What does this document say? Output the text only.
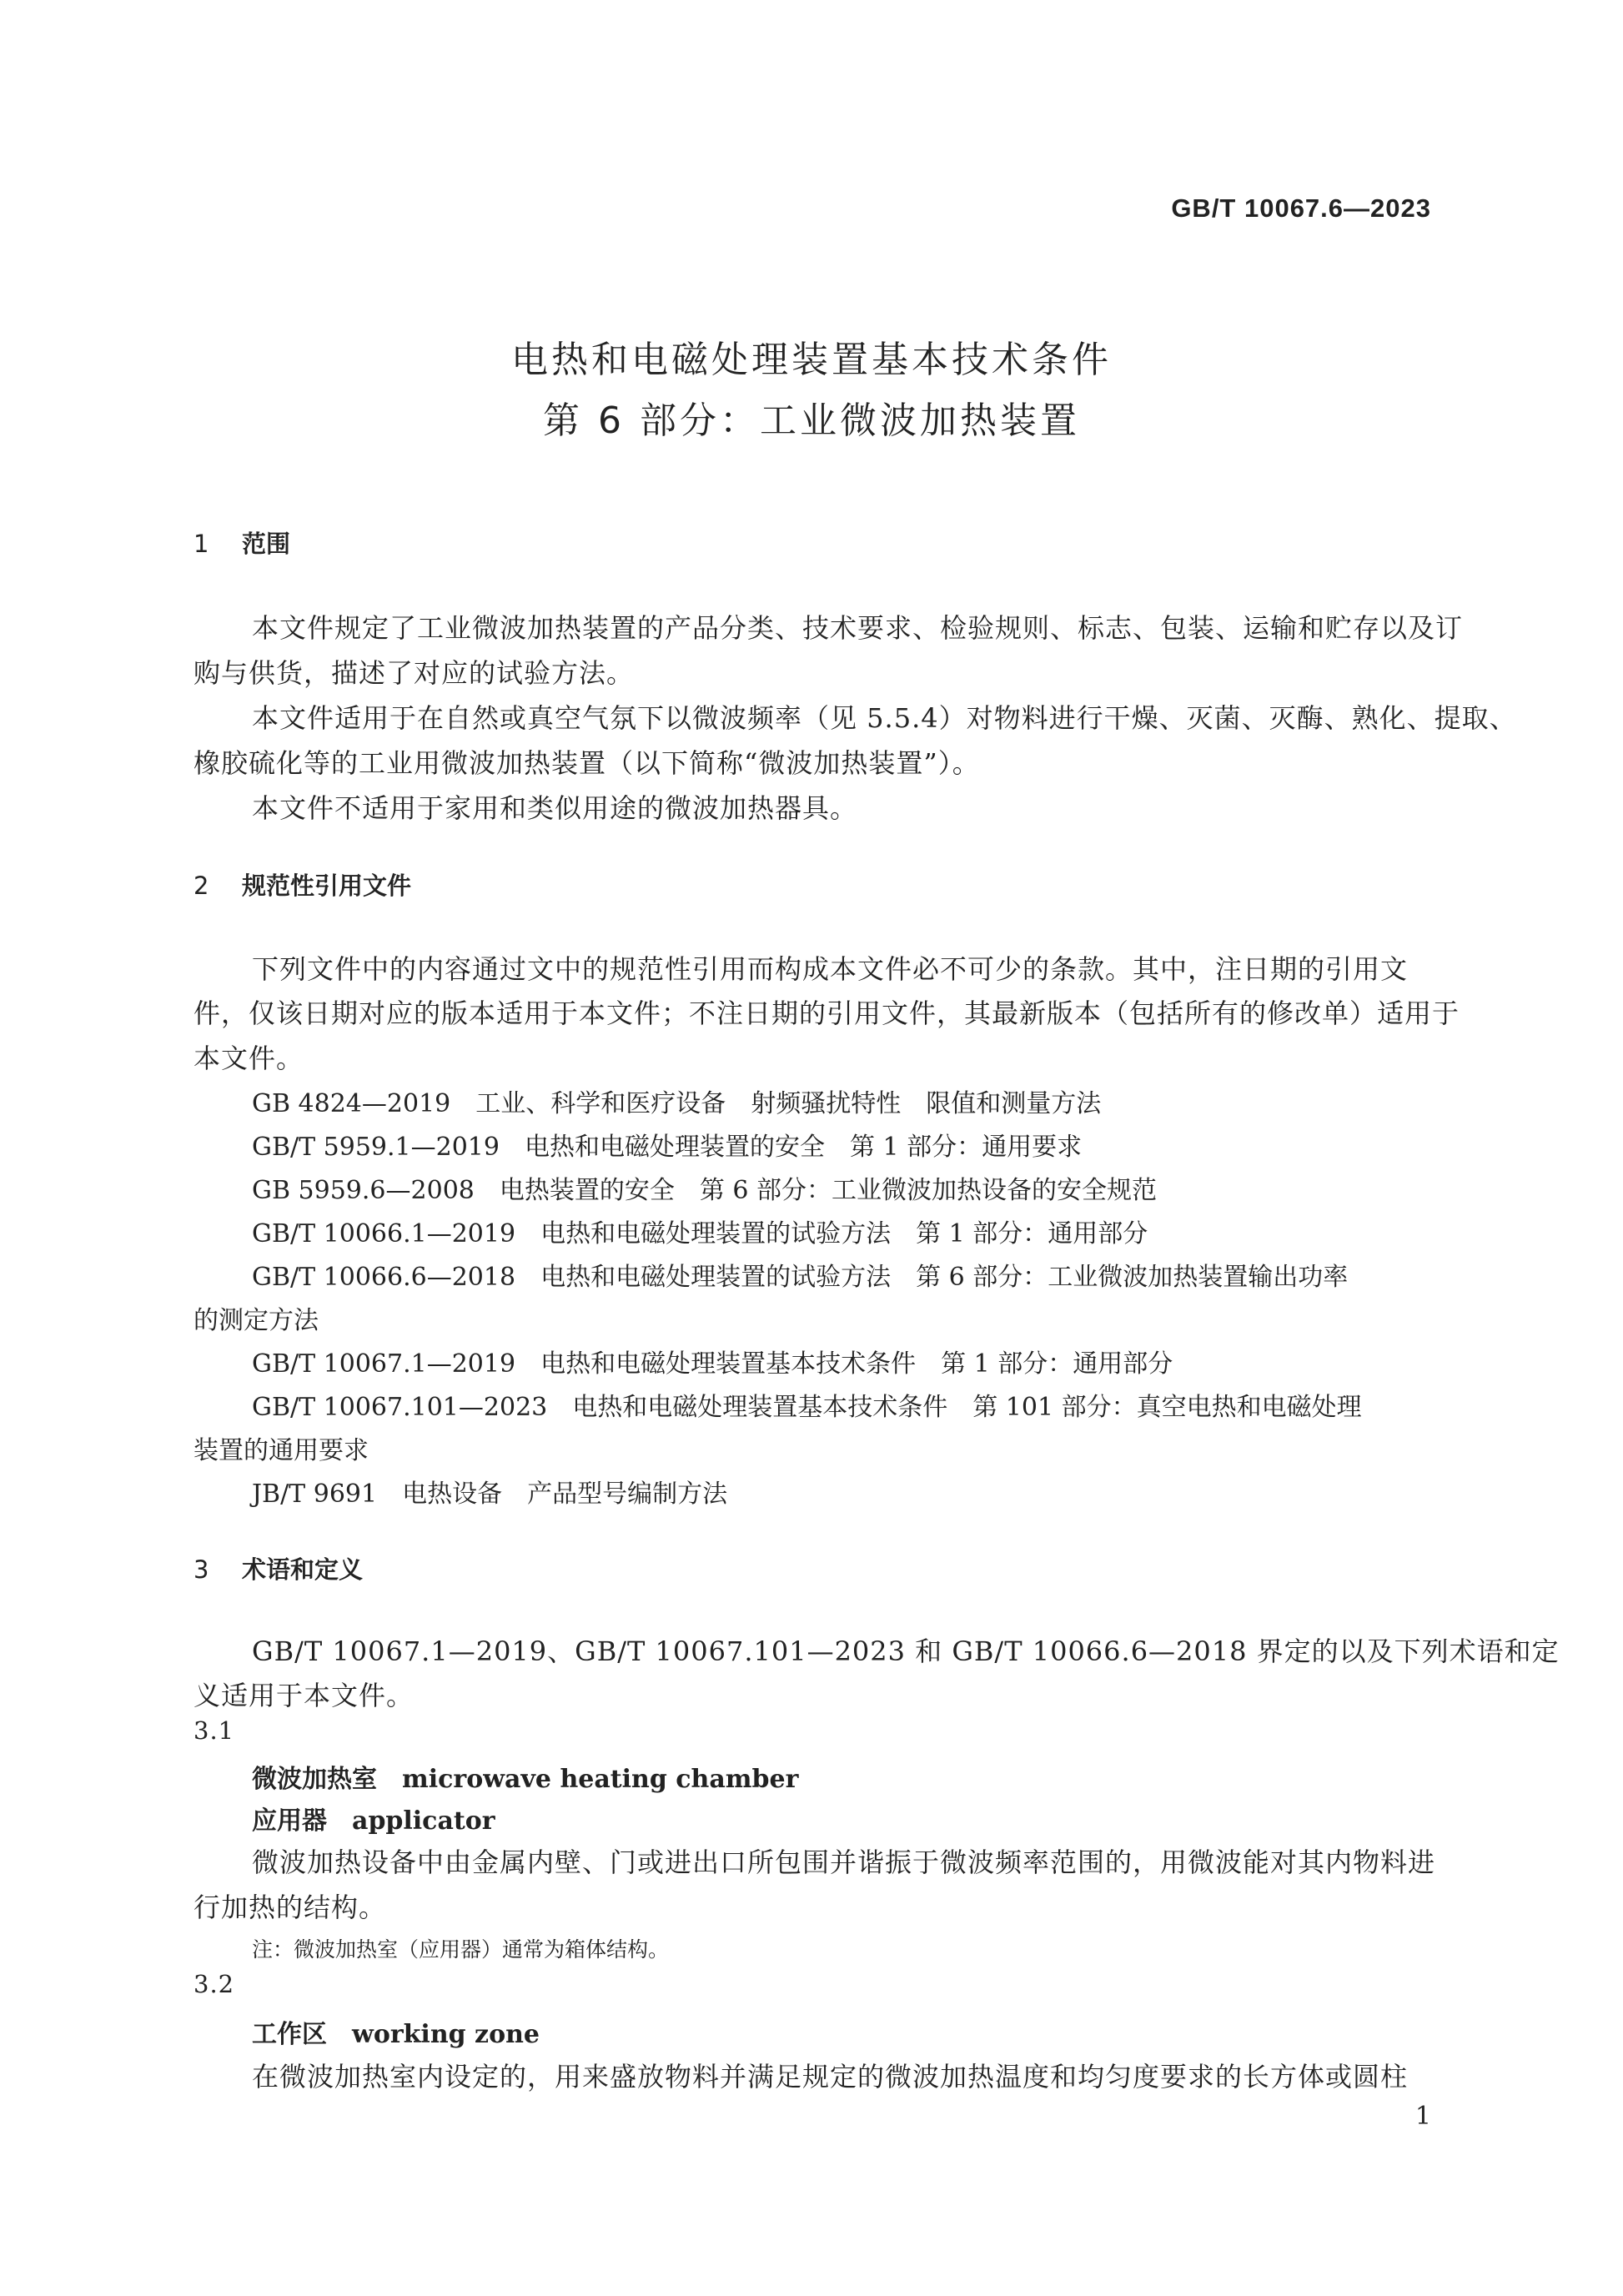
GB/T 10067.6—2023
电热和电磁处理装置基本技术条件
第 6 部分：工业微波加热装置
1 范围
本文件规定了工业微波加热装置的产品分类、技术要求、检验规则、标志、包装、运输和贮存以及订
购与供货，描述了对应的试验方法。
本文件适用于在自然或真空气氛下以微波频率（见 5.5.4）对物料进行干燥、灭菌、灭酶、熟化、提取、
橡胶硫化等的工业用微波加热装置（以下简称“微波加热装置”）。
本文件不适用于家用和类似用途的微波加热器具。
2 规范性引用文件
下列文件中的内容通过文中的规范性引用而构成本文件必不可少的条款。其中，注日期的引用文
件，仅该日期对应的版本适用于本文件；不注日期的引用文件，其最新版本（包括所有的修改单）适用于
本文件。
GB 4824—2019　工业、科学和医疗设备　射频骚扰特性　限值和测量方法
GB/T 5959.1—2019　电热和电磁处理装置的安全　第 1 部分：通用要求
GB 5959.6—2008　电热装置的安全　第 6 部分：工业微波加热设备的安全规范
GB/T 10066.1—2019　电热和电磁处理装置的试验方法　第 1 部分：通用部分
GB/T 10066.6—2018　电热和电磁处理装置的试验方法　第 6 部分：工业微波加热装置输出功率
的测定方法
GB/T 10067.1—2019　电热和电磁处理装置基本技术条件　第 1 部分：通用部分
GB/T 10067.101—2023　电热和电磁处理装置基本技术条件　第 101 部分：真空电热和电磁处理
装置的通用要求
JB/T 9691　电热设备　产品型号编制方法
3 术语和定义
GB/T 10067.1—2019、GB/T 10067.101—2023 和 GB/T 10066.6—2018 界定的以及下列术语和定
义适用于本文件。
3.1
微波加热室　microwave heating chamber
应用器　applicator
微波加热设备中由金属内壁、门或进出口所包围并谐振于微波频率范围的，用微波能对其内物料进
行加热的结构。
注：微波加热室（应用器）通常为箱体结构。
3.2
工作区　working zone
在微波加热室内设定的，用来盛放物料并满足规定的微波加热温度和均匀度要求的长方体或圆柱
1
